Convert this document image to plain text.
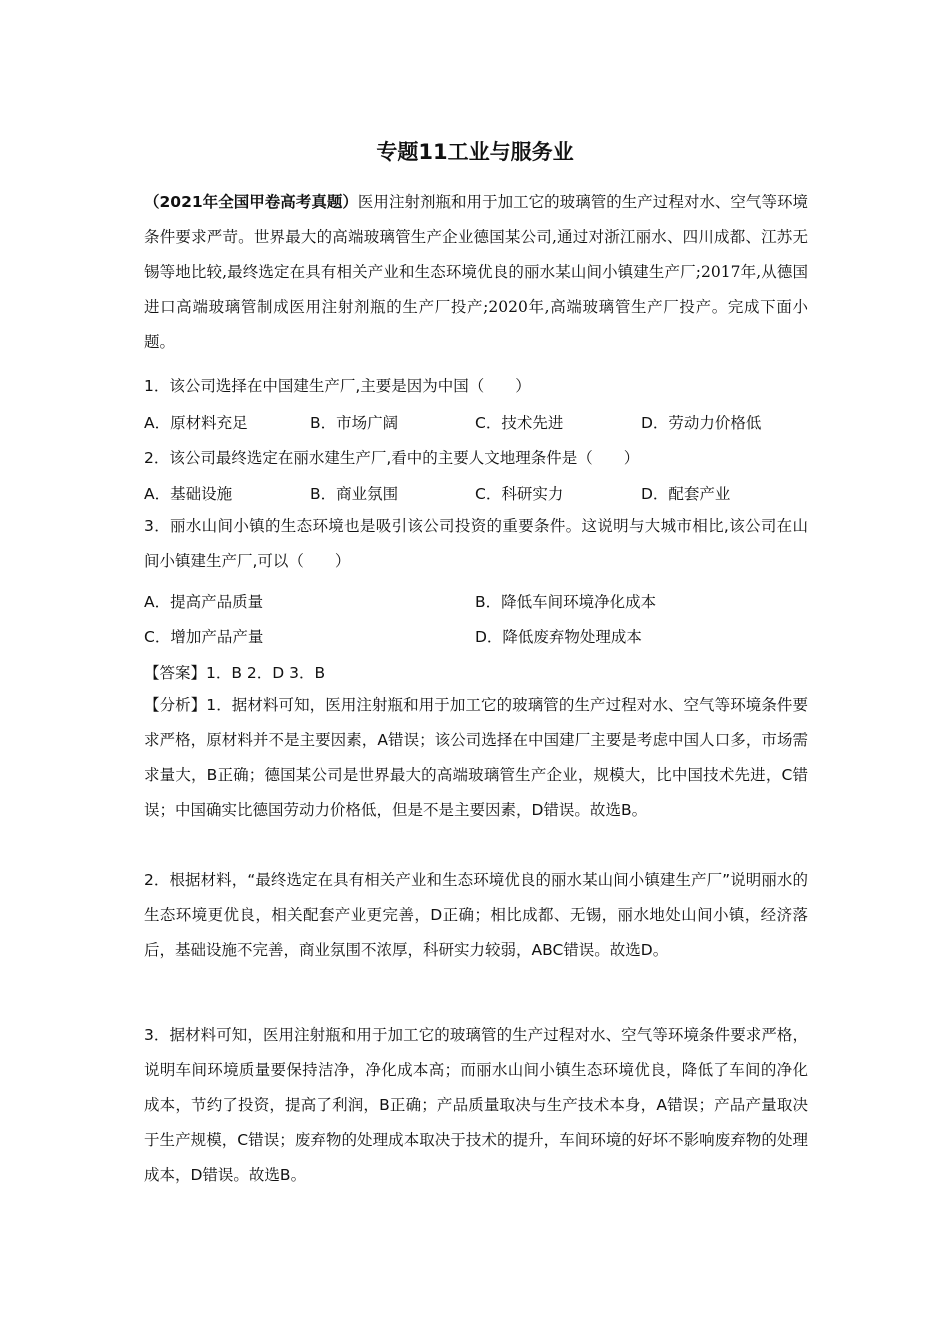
专题11工业与服务业
（2021年全国甲卷高考真题）医用注射剂瓶和用于加工它的玻璃管的生产过程对水、空气等环境条件要求严苛。世界最大的高端玻璃管生产企业德国某公司,通过对浙江丽水、四川成都、江苏无锡等地比较,最终选定在具有相关产业和生态环境优良的丽水某山间小镇建生产厂;2017年,从德国进口高端玻璃管制成医用注射剂瓶的生产厂投产;2020年,高端玻璃管生产厂投产。完成下面小题。
1．该公司选择在中国建生产厂,主要是因为中国（　　）
A．原材料充足	B．市场广阔	C．技术先进	D．劳动力价格低
2．该公司最终选定在丽水建生产厂,看中的主要人文地理条件是（　　）
A．基础设施	B．商业氛围	C．科研实力	D．配套产业
3．丽水山间小镇的生态环境也是吸引该公司投资的重要条件。这说明与大城市相比,该公司在山间小镇建生产厂,可以（　　）
A．提高产品质量	B．降低车间环境净化成本
C．增加产品产量	D．降低废弃物处理成本
【答案】1．B 2．D 3．B
【分析】1．据材料可知，医用注射瓶和用于加工它的玻璃管的生产过程对水、空气等环境条件要求严格，原材料并不是主要因素，A错误；该公司选择在中国建厂主要是考虑中国人口多，市场需求量大，B正确；德国某公司是世界最大的高端玻璃管生产企业，规模大，比中国技术先进，C错误；中国确实比德国劳动力价格低，但是不是主要因素，D错误。故选B。
2．根据材料，“最终选定在具有相关产业和生态环境优良的丽水某山间小镇建生产厂”说明丽水的生态环境更优良，相关配套产业更完善，D正确；相比成都、无锡，丽水地处山间小镇，经济落后，基础设施不完善，商业氛围不浓厚，科研实力较弱，ABC错误。故选D。
3．据材料可知，医用注射瓶和用于加工它的玻璃管的生产过程对水、空气等环境条件要求严格，说明车间环境质量要保持洁净，净化成本高；而丽水山间小镇生态环境优良，降低了车间的净化成本，节约了投资，提高了利润，B正确；产品质量取决与生产技术本身，A错误；产品产量取决于生产规模，C错误；废弃物的处理成本取决于技术的提升，车间环境的好坏不影响废弃物的处理成本，D错误。故选B。
